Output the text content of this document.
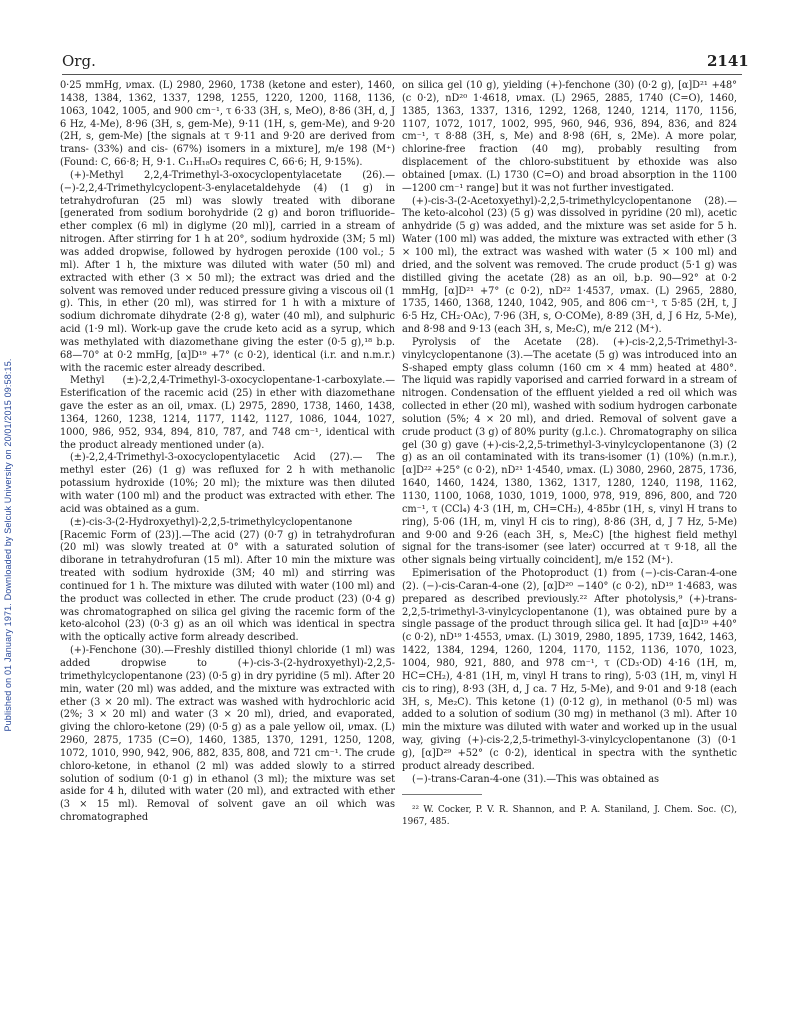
Org.	2141
Published on 01 January 1971. Downloaded by Selcuk University on 20/01/2015 09:58:15.

0·25 mmHg, νmax. (L) 2980, 2960, 1738 (ketone and ester), 1460, 1438, 1384, 1362, 1337, 1298, 1255, 1220, 1200, 1168, 1136, 1063, 1042, 1005, and 900 cm⁻¹, τ 6·33 (3H, s, MeO), 8·86 (3H, d, J 6 Hz, 4-Me), 8·96 (3H, s, gem-Me), 9·11 (1H, s, gem-Me), and 9·20 (2H, s, gem-Me) [the signals at τ 9·11 and 9·20 are derived from trans- (33%) and cis- (67%) isomers in a mixture], m/e 198 (M⁺) (Found: C, 66·8; H, 9·1. C₁₁H₁₈O₃ requires C, 66·6; H, 9·15%).

(+)-Methyl 2,2,4-Trimethyl-3-oxocyclopentylacetate (26).— (−)-2,2,4-Trimethylcyclopent-3-enylacetaldehyde (4) (1 g) in tetrahydrofuran (25 ml) was slowly treated with diborane [generated from sodium borohydride (2 g) and boron trifluoride–ether complex (6 ml) in diglyme (20 ml)], carried in a stream of nitrogen. After stirring for 1 h at 20°, sodium hydroxide (3M; 5 ml) was added dropwise, followed by hydrogen peroxide (100 vol.; 5 ml). After 1 h, the mixture was diluted with water (50 ml) and extracted with ether (3 × 50 ml); the extract was dried and the solvent was removed under reduced pressure giving a viscous oil (1 g). This, in ether (20 ml), was stirred for 1 h with a mixture of sodium dichromate dihydrate (2·8 g), water (40 ml), and sulphuric acid (1·9 ml). Work-up gave the crude keto acid as a syrup, which was methylated with diazomethane giving the ester (0·5 g),¹⁸ b.p. 68—70° at 0·2 mmHg, [α]D¹⁹ +7° (c 0·2), identical (i.r. and n.m.r.) with the racemic ester already described.

Methyl (±)-2,2,4-Trimethyl-3-oxocyclopentane-1-carboxylate.—Esterification of the racemic acid (25) in ether with diazomethane gave the ester as an oil, νmax. (L) 2975, 2890, 1738, 1460, 1438, 1364, 1260, 1238, 1214, 1177, 1142, 1127, 1086, 1044, 1027, 1000, 986, 952, 934, 894, 810, 787, and 748 cm⁻¹, identical with the product already mentioned under (a).

(±)-2,2,4-Trimethyl-3-oxocyclopentylacetic Acid (27).— The methyl ester (26) (1 g) was refluxed for 2 h with methanolic potassium hydroxide (10%; 20 ml); the mixture was then diluted with water (100 ml) and the product was extracted with ether. The acid was obtained as a gum.

(±)-cis-3-(2-Hydroxyethyl)-2,2,5-trimethylcyclopentanone [Racemic Form of (23)].—The acid (27) (0·7 g) in tetrahydrofuran (20 ml) was slowly treated at 0° with a saturated solution of diborane in tetrahydrofuran (15 ml). After 10 min the mixture was treated with sodium hydroxide (3M; 40 ml) and stirring was continued for 1 h. The mixture was diluted with water (100 ml) and the product was collected in ether. The crude product (23) (0·4 g) was chromatographed on silica gel giving the racemic form of the keto-alcohol (23) (0·3 g) as an oil which was identical in spectra with the optically active form already described.

(+)-Fenchone (30).—Freshly distilled thionyl chloride (1 ml) was added dropwise to (+)-cis-3-(2-hydroxyethyl)-2,2,5-trimethylcyclopentanone (23) (0·5 g) in dry pyridine (5 ml). After 20 min, water (20 ml) was added, and the mixture was extracted with ether (3 × 20 ml). The extract was washed with hydrochloric acid (2%; 3 × 20 ml) and water (3 × 20 ml), dried, and evaporated, giving the chloro-ketone (29) (0·5 g) as a pale yellow oil, νmax. (L) 2960, 2875, 1735 (C=O), 1460, 1385, 1370, 1291, 1250, 1208, 1072, 1010, 990, 942, 906, 882, 835, 808, and 721 cm⁻¹. The crude chloro-ketone, in ethanol (2 ml) was added slowly to a stirred solution of sodium (0·1 g) in ethanol (3 ml); the mixture was set aside for 4 h, diluted with water (20 ml), and extracted with ether (3 × 15 ml). Removal of solvent gave an oil which was chromatographed

on silica gel (10 g), yielding (+)-fenchone (30) (0·2 g), [α]D²¹ +48° (c 0·2), nD²⁰ 1·4618, νmax. (L) 2965, 2885, 1740 (C=O), 1460, 1385, 1363, 1337, 1316, 1292, 1268, 1240, 1214, 1170, 1156, 1107, 1072, 1017, 1002, 995, 960, 946, 936, 894, 836, and 824 cm⁻¹, τ 8·88 (3H, s, Me) and 8·98 (6H, s, 2Me). A more polar, chlorine-free fraction (40 mg), probably resulting from displacement of the chloro-substituent by ethoxide was also obtained [νmax. (L) 1730 (C=O) and broad absorption in the 1100—1200 cm⁻¹ range] but it was not further investigated.

(+)-cis-3-(2-Acetoxyethyl)-2,2,5-trimethylcyclopentanone (28).—The keto-alcohol (23) (5 g) was dissolved in pyridine (20 ml), acetic anhydride (5 g) was added, and the mixture was set aside for 5 h. Water (100 ml) was added, the mixture was extracted with ether (3 × 100 ml), the extract was washed with water (5 × 100 ml) and dried, and the solvent was removed. The crude product (5·1 g) was distilled giving the acetate (28) as an oil, b.p. 90—92° at 0·2 mmHg, [α]D²¹ +7° (c 0·2), nD²² 1·4537, νmax. (L) 2965, 2880, 1735, 1460, 1368, 1240, 1042, 905, and 806 cm⁻¹, τ 5·85 (2H, t, J 6·5 Hz, CH₂·OAc), 7·96 (3H, s, O·COMe), 8·89 (3H, d, J 6 Hz, 5-Me), and 8·98 and 9·13 (each 3H, s, Me₂C), m/e 212 (M⁺).

Pyrolysis of the Acetate (28). (+)-cis-2,2,5-Trimethyl-3-vinylcyclopentanone (3).—The acetate (5 g) was introduced into an S-shaped empty glass column (160 cm × 4 mm) heated at 480°. The liquid was rapidly vaporised and carried forward in a stream of nitrogen. Condensation of the effluent yielded a red oil which was collected in ether (20 ml), washed with sodium hydrogen carbonate solution (5%; 4 × 20 ml), and dried. Removal of solvent gave a crude product (3 g) of 80% purity (g.l.c.). Chromatography on silica gel (30 g) gave (+)-cis-2,2,5-trimethyl-3-vinylcyclopentanone (3) (2 g) as an oil contaminated with its trans-isomer (1) (10%) (n.m.r.), [α]D²² +25° (c 0·2), nD²¹ 1·4540, νmax. (L) 3080, 2960, 2875, 1736, 1640, 1460, 1424, 1380, 1362, 1317, 1280, 1240, 1198, 1162, 1130, 1100, 1068, 1030, 1019, 1000, 978, 919, 896, 800, and 720 cm⁻¹, τ (CCl₄) 4·3 (1H, m, CH=CH₂), 4·85br (1H, s, vinyl H trans to ring), 5·06 (1H, m, vinyl H cis to ring), 8·86 (3H, d, J 7 Hz, 5-Me) and 9·00 and 9·26 (each 3H, s, Me₂C) [the highest field methyl signal for the trans-isomer (see later) occurred at τ 9·18, all the other signals being virtually coincident], m/e 152 (M⁺).

Epimerisation of the Photoproduct (1) from (−)-cis-Caran-4-one (2). (−)-cis-Caran-4-one (2), [α]D²⁰ −140° (c 0·2), nD¹⁹ 1·4683, was prepared as described previously.²² After photolysis,⁹ (+)-trans-2,2,5-trimethyl-3-vinylcyclopentanone (1), was obtained pure by a single passage of the product through silica gel. It had [α]D¹⁹ +40° (c 0·2), nD¹⁹ 1·4553, νmax. (L) 3019, 2980, 1895, 1739, 1642, 1463, 1422, 1384, 1294, 1260, 1204, 1170, 1152, 1136, 1070, 1023, 1004, 980, 921, 880, and 978 cm⁻¹, τ (CD₃·OD) 4·16 (1H, m, HC=CH₂), 4·81 (1H, m, vinyl H trans to ring), 5·03 (1H, m, vinyl H cis to ring), 8·93 (3H, d, J ca. 7 Hz, 5-Me), and 9·01 and 9·18 (each 3H, s, Me₂C). This ketone (1) (0·12 g), in methanol (0·5 ml) was added to a solution of sodium (30 mg) in methanol (3 ml). After 10 min the mixture was diluted with water and worked up in the usual way, giving (+)-cis-2,2,5-trimethyl-3-vinylcyclopentanone (3) (0·1 g), [α]D²⁹ +52° (c 0·2), identical in spectra with the synthetic product already described.

(−)-trans-Caran-4-one (31).—This was obtained as

²² W. Cocker, P. V. R. Shannon, and P. A. Staniland, J. Chem. Soc. (C), 1967, 485.
